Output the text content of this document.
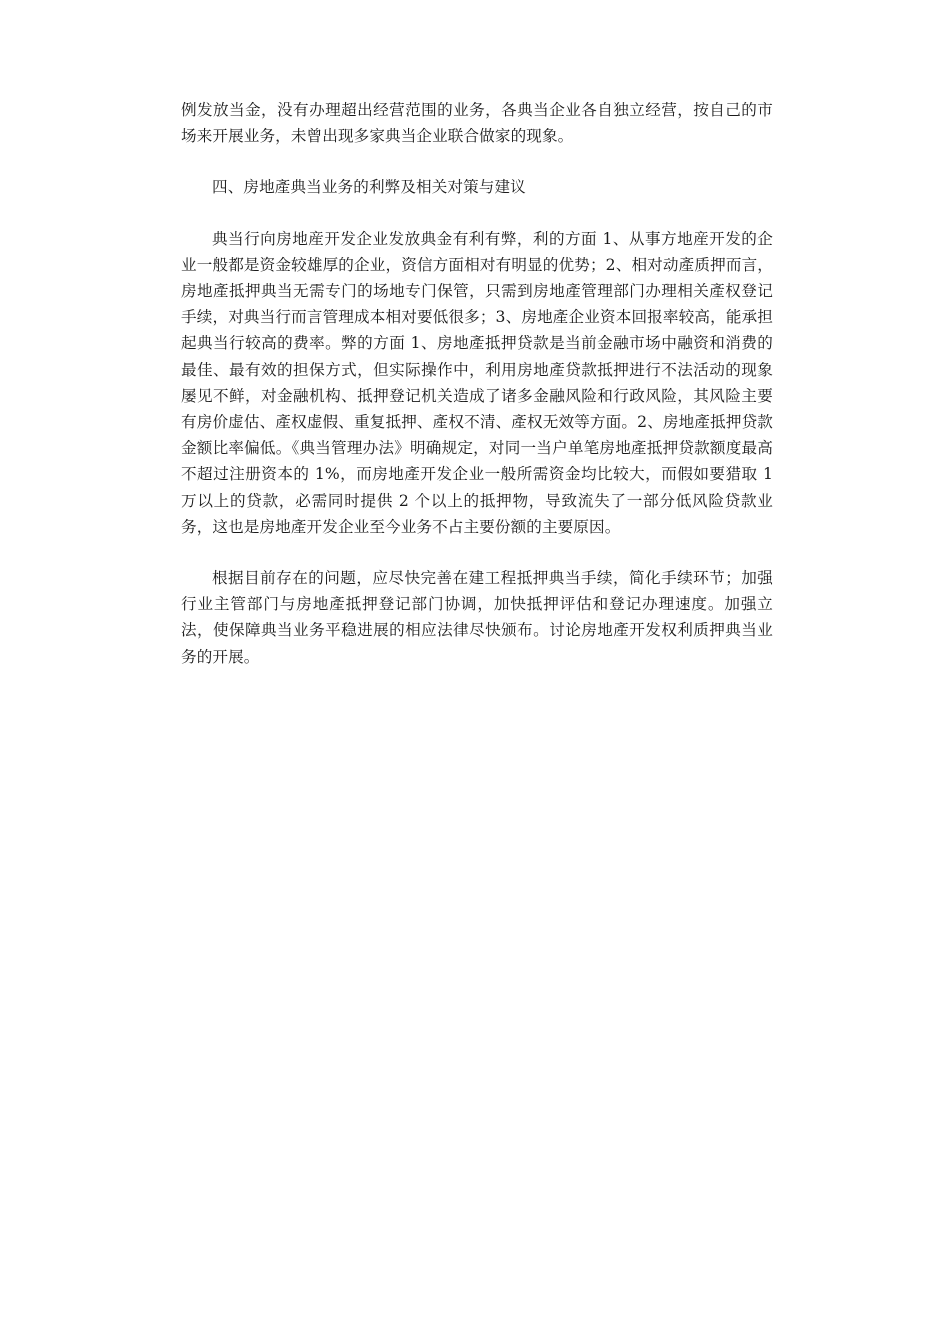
例发放当金，没有办理超出经营范围的业务，各典当企业各自独立经营，按自己的市场来开展业务，未曾出现多家典当企业联合做家的现象。

四、房地產典当业务的利弊及相关对策与建议

典当行向房地産开发企业发放典金有利有弊，利的方面 1、从事方地産开发的企业一般都是资金较雄厚的企业，资信方面相对有明显的优势；2、相对动產质押而言，房地產抵押典当无需专门的场地专门保管，只需到房地產管理部门办理相关產权登记手续，对典当行而言管理成本相对要低很多；3、房地產企业资本回报率较高，能承担起典当行较高的费率。弊的方面 1、房地產抵押贷款是当前金融市场中融资和消费的最佳、最有效的担保方式，但实际操作中，利用房地產贷款抵押进行不法活动的现象屡见不鲜，对金融机构、抵押登记机关造成了诸多金融风险和行政风险，其风险主要有房价虚估、產权虚假、重复抵押、產权不清、產权无效等方面。2、房地產抵押贷款金额比率偏低。《典当管理办法》明确规定，对同一当户单笔房地產抵押贷款额度最高不超过注册资本的 1%，而房地產开发企业一般所需资金均比较大，而假如要猎取 1 万以上的贷款，必需同时提供 2 个以上的抵押物，导致流失了一部分低风险贷款业务，这也是房地產开发企业至今业务不占主要份额的主要原因。

根据目前存在的问题，应尽快完善在建工程抵押典当手续，简化手续环节；加强行业主管部门与房地產抵押登记部门协调，加快抵押评估和登记办理速度。加强立法，使保障典当业务平稳进展的相应法律尽快颁布。讨论房地產开发权利质押典当业务的开展。
